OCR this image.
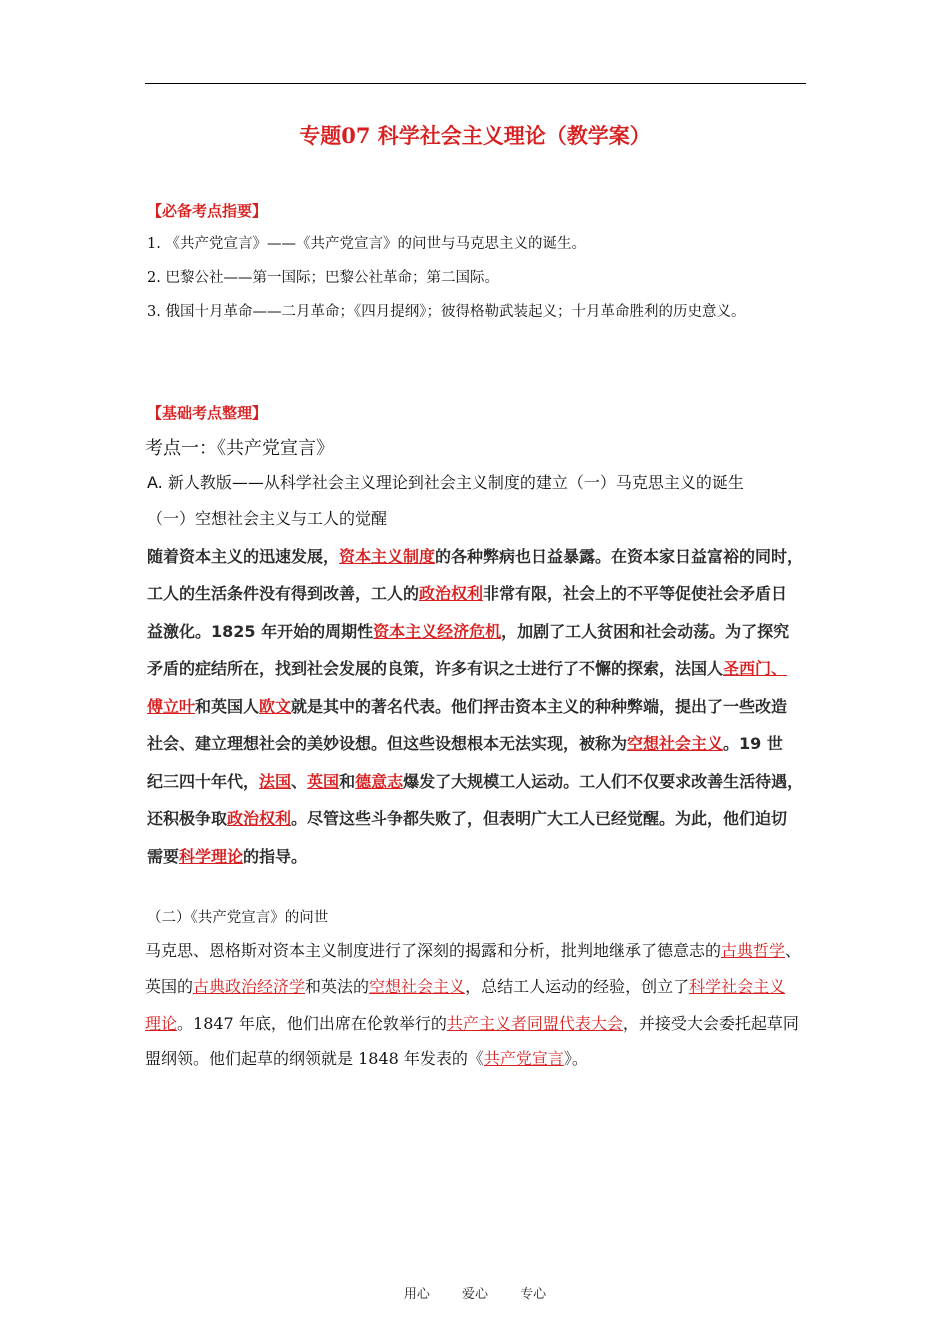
专题07 科学社会主义理论（教学案）
【必备考点指要】
1. 《共产党宣言》——《共产党宣言》的问世与马克思主义的诞生。
2. 巴黎公社——第一国际；巴黎公社革命；第二国际。
3. 俄国十月革命——二月革命；《四月提纲》；彼得格勒武装起义；十月革命胜利的历史意义。
【基础考点整理】
考点一：《共产党宣言》
A. 新人教版——从科学社会主义理论到社会主义制度的建立（一）马克思主义的诞生
（一）空想社会主义与工人的觉醒
随着资本主义的迅速发展，资本主义制度的各种弊病也日益暴露。在资本家日益富裕的同时，
工人的生活条件没有得到改善，工人的政治权利非常有限，社会上的不平等促使社会矛盾日
益激化。1825 年开始的周期性资本主义经济危机，加剧了工人贫困和社会动荡。为了探究
矛盾的症结所在，找到社会发展的良策，许多有识之士进行了不懈的探索，法国人圣西门、
傅立叶和英国人欧文就是其中的著名代表。他们抨击资本主义的种种弊端，提出了一些改造
社会、建立理想社会的美妙设想。但这些设想根本无法实现，被称为空想社会主义。19 世
纪三四十年代，法国、英国和德意志爆发了大规模工人运动。工人们不仅要求改善生活待遇，
还积极争取政治权利。尽管这些斗争都失败了，但表明广大工人已经觉醒。为此，他们迫切
需要科学理论的指导。
（二）《共产党宣言》的问世
马克思、恩格斯对资本主义制度进行了深刻的揭露和分析，批判地继承了德意志的古典哲学、
英国的古典政治经济学和英法的空想社会主义，总结工人运动的经验，创立了科学社会主义
理论。1847 年底，他们出席在伦敦举行的共产主义者同盟代表大会，并接受大会委托起草同
盟纲领。他们起草的纲领就是 1848 年发表的《共产党宣言》。
用心 爱心 专心
